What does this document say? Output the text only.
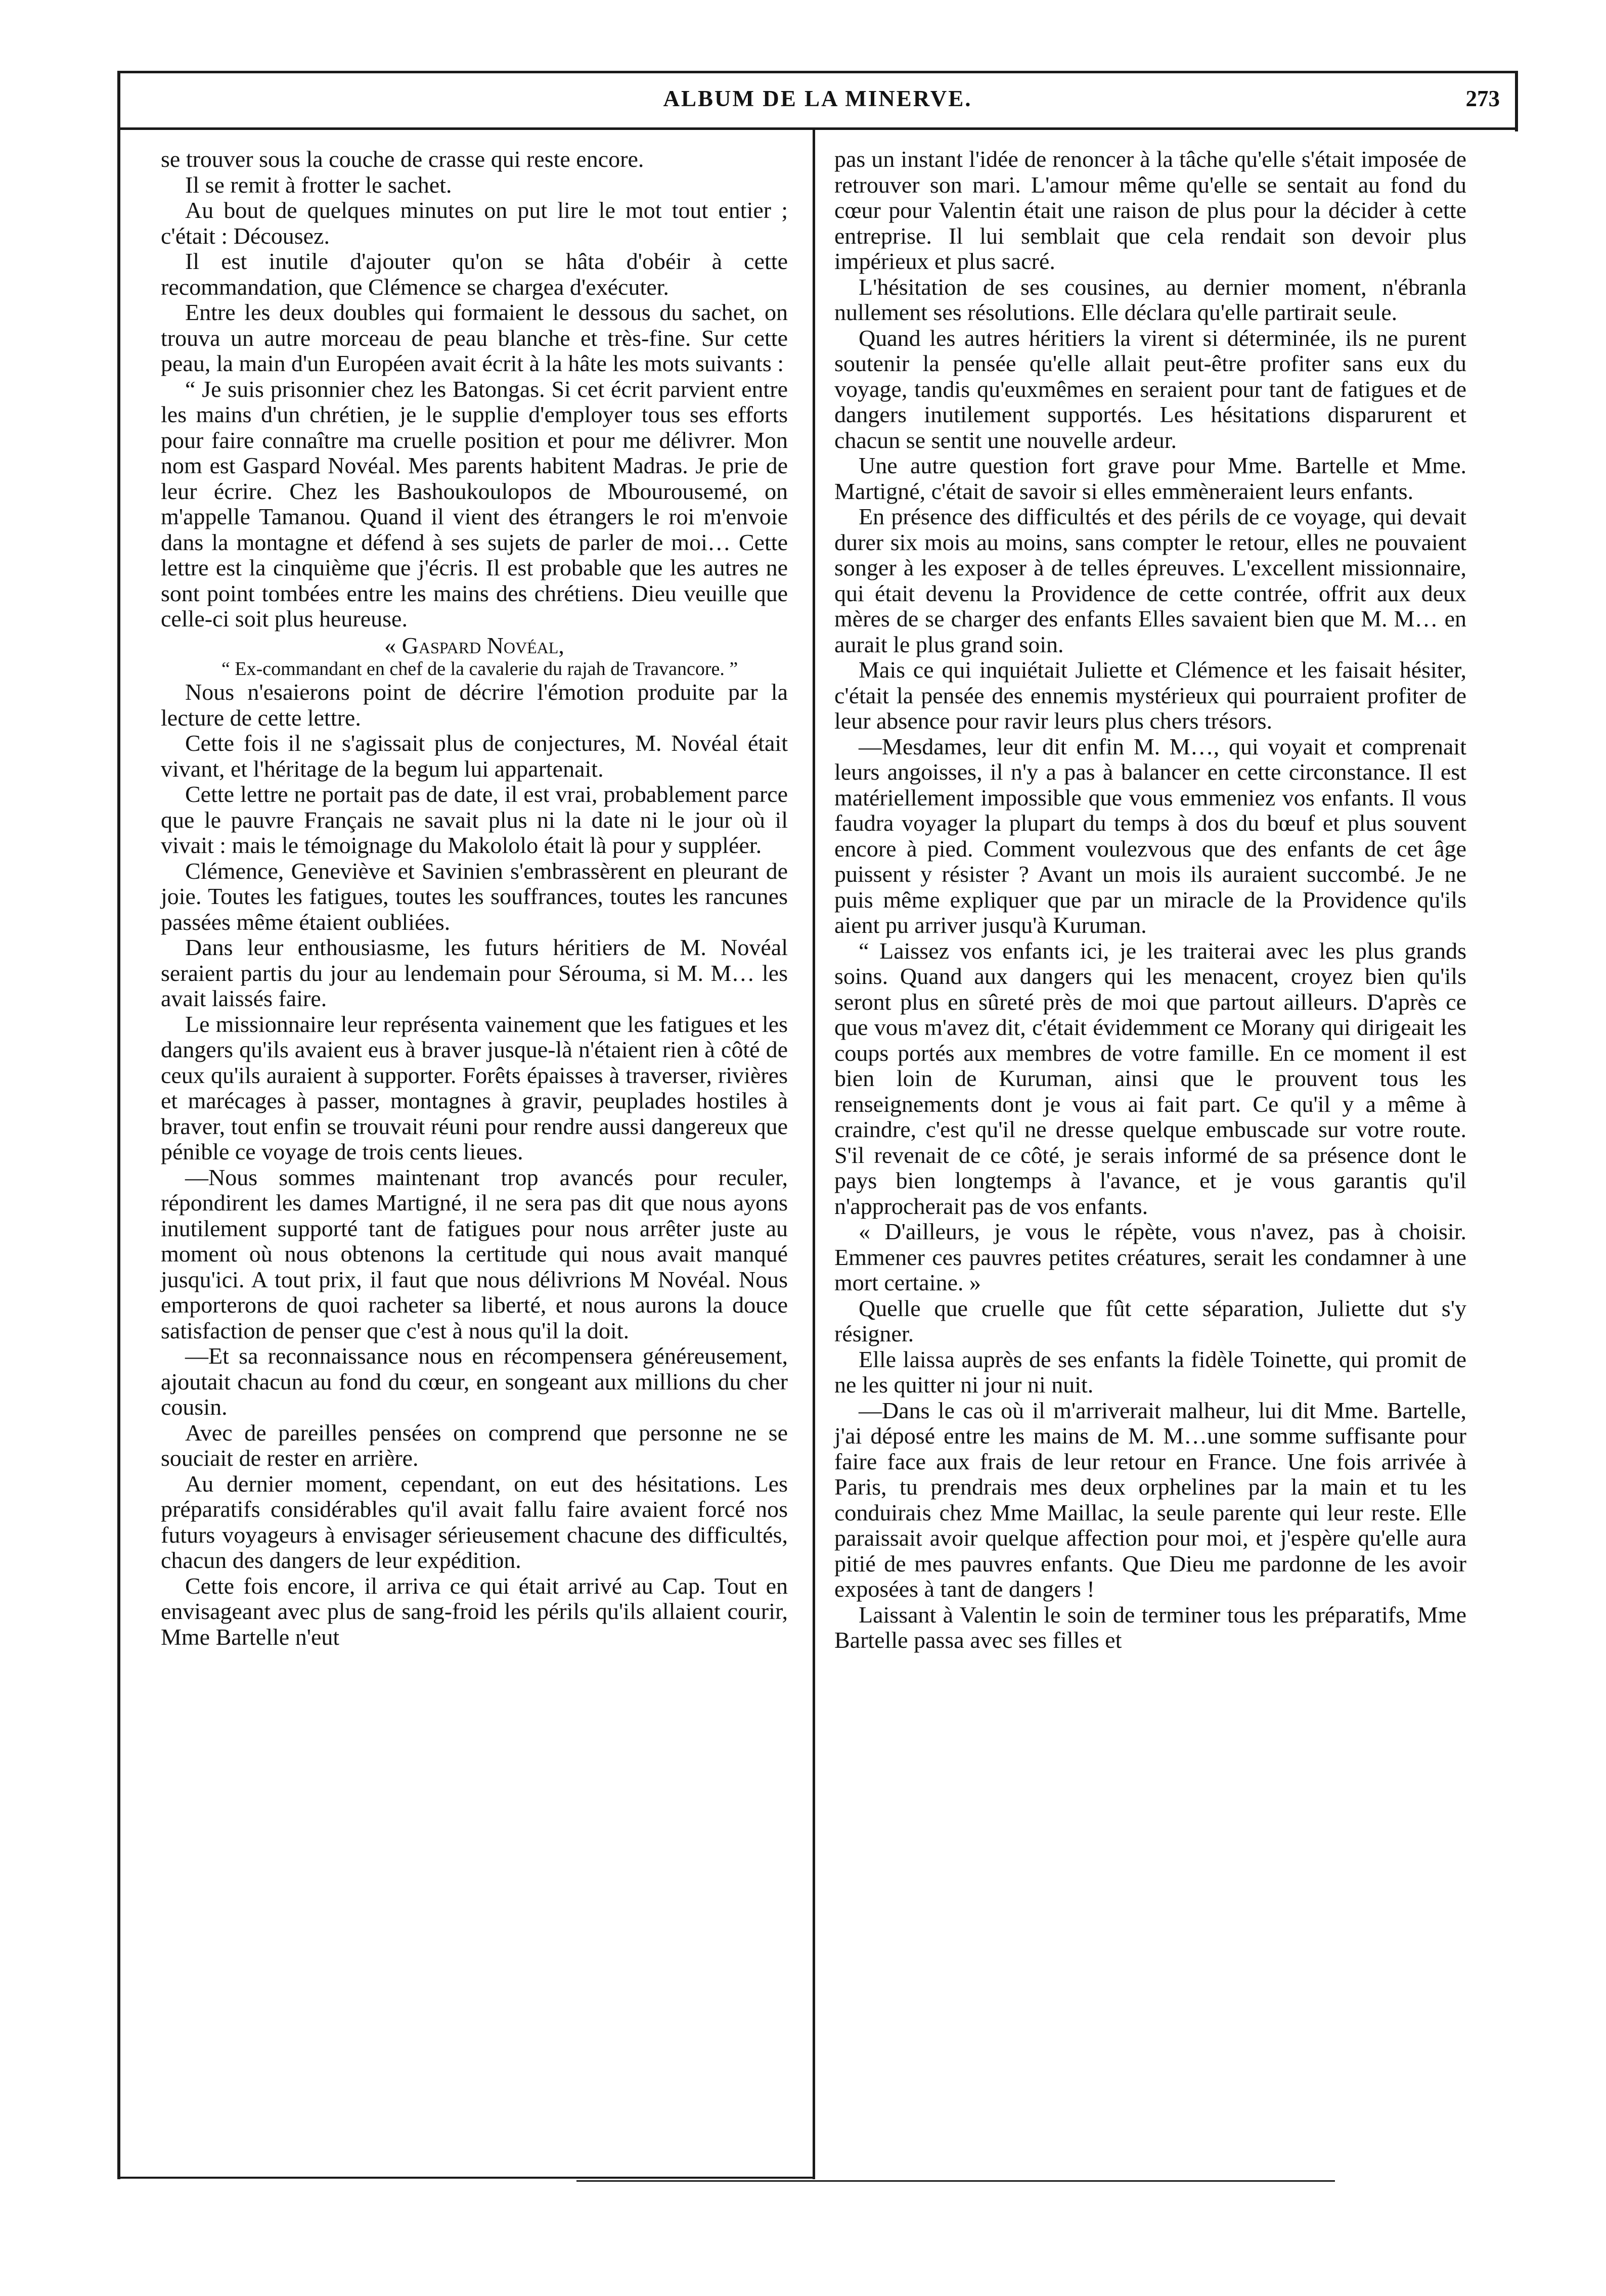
ALBUM DE LA MINERVE.	273

se trouver sous la couche de crasse qui reste encore.

Il se remit à frotter le sachet.

Au bout de quelques minutes on put lire le mot tout entier ; c'était : Décousez.

Il est inutile d'ajouter qu'on se hâta d'obéir à cette recommandation, que Clémence se chargea d'exécuter.

Entre les deux doubles qui formaient le dessous du sachet, on trouva un autre morceau de peau blanche et très-fine. Sur cette peau, la main d'un Européen avait écrit à la hâte les mots suivants :

“ Je suis prisonnier chez les Batongas. Si cet écrit parvient entre les mains d'un chrétien, je le supplie d'employer tous ses efforts pour faire connaître ma cruelle position et pour me délivrer. Mon nom est Gaspard Novéal. Mes parents habitent Madras. Je prie de leur écrire. Chez les Bashoukoulopos de Mbourousemé, on m'appelle Tamanou. Quand il vient des étrangers le roi m'envoie dans la montagne et défend à ses sujets de parler de moi… Cette lettre est la cinquième que j'écris. Il est probable que les autres ne sont point tombées entre les mains des chrétiens. Dieu veuille que celle-ci soit plus heureuse.

« Gaspard Novéal,

“ Ex-commandant en chef de la cavalerie du rajah de Travancore. ”

Nous n'esaierons point de décrire l'émotion produite par la lecture de cette lettre.

Cette fois il ne s'agissait plus de conjectures, M. Novéal était vivant, et l'héritage de la begum lui appartenait.

Cette lettre ne portait pas de date, il est vrai, probablement parce que le pauvre Français ne savait plus ni la date ni le jour où il vivait : mais le témoignage du Makololo était là pour y suppléer.

Clémence, Geneviève et Savinien s'embrassèrent en pleurant de joie. Toutes les fatigues, toutes les souffrances, toutes les rancunes passées même étaient oubliées.

Dans leur enthousiasme, les futurs héritiers de M. Novéal seraient partis du jour au lendemain pour Sérouma, si M. M… les avait laissés faire.

Le missionnaire leur représenta vainement que les fatigues et les dangers qu'ils avaient eus à braver jusque-là n'étaient rien à côté de ceux qu'ils auraient à supporter. Forêts épaisses à traverser, rivières et marécages à passer, montagnes à gravir, peuplades hostiles à braver, tout enfin se trouvait réuni pour rendre aussi dangereux que pénible ce voyage de trois cents lieues.

—Nous sommes maintenant trop avancés pour reculer, répondirent les dames Martigné, il ne sera pas dit que nous ayons inutilement supporté tant de fatigues pour nous arrêter juste au moment où nous obtenons la certitude qui nous avait manqué jusqu'ici. A tout prix, il faut que nous délivrions M Novéal. Nous emporterons de quoi racheter sa liberté, et nous aurons la douce satisfaction de penser que c'est à nous qu'il la doit.

—Et sa reconnaissance nous en récompensera généreusement, ajoutait chacun au fond du cœur, en songeant aux millions du cher cousin.

Avec de pareilles pensées on comprend que personne ne se souciait de rester en arrière.

Au dernier moment, cependant, on eut des hésitations. Les préparatifs considérables qu'il avait fallu faire avaient forcé nos futurs voyageurs à envisager sérieusement chacune des difficultés, chacun des dangers de leur expédition.

Cette fois encore, il arriva ce qui était arrivé au Cap. Tout en envisageant avec plus de sang-froid les périls qu'ils allaient courir, Mme Bartelle n'eut

pas un instant l'idée de renoncer à la tâche qu'elle s'était imposée de retrouver son mari. L'amour même qu'elle se sentait au fond du cœur pour Valentin était une raison de plus pour la décider à cette entreprise. Il lui semblait que cela rendait son devoir plus impérieux et plus sacré.

L'hésitation de ses cousines, au dernier moment, n'ébranla nullement ses résolutions. Elle déclara qu'elle partirait seule.

Quand les autres héritiers la virent si déterminée, ils ne purent soutenir la pensée qu'elle allait peut-être profiter sans eux du voyage, tandis qu'euxmêmes en seraient pour tant de fatigues et de dangers inutilement supportés. Les hésitations disparurent et chacun se sentit une nouvelle ardeur.

Une autre question fort grave pour Mme. Bartelle et Mme. Martigné, c'était de savoir si elles emmèneraient leurs enfants.

En présence des difficultés et des périls de ce voyage, qui devait durer six mois au moins, sans compter le retour, elles ne pouvaient songer à les exposer à de telles épreuves. L'excellent missionnaire, qui était devenu la Providence de cette contrée, offrit aux deux mères de se charger des enfants Elles savaient bien que M. M… en aurait le plus grand soin.

Mais ce qui inquiétait Juliette et Clémence et les faisait hésiter, c'était la pensée des ennemis mystérieux qui pourraient profiter de leur absence pour ravir leurs plus chers trésors.

—Mesdames, leur dit enfin M. M…, qui voyait et comprenait leurs angoisses, il n'y a pas à balancer en cette circonstance. Il est matériellement impossible que vous emmeniez vos enfants. Il vous faudra voyager la plupart du temps à dos du bœuf et plus souvent encore à pied. Comment voulezvous que des enfants de cet âge puissent y résister ? Avant un mois ils auraient succombé. Je ne puis même expliquer que par un miracle de la Providence qu'ils aient pu arriver jusqu'à Kuruman.

“ Laissez vos enfants ici, je les traiterai avec les plus grands soins. Quand aux dangers qui les menacent, croyez bien qu'ils seront plus en sûreté près de moi que partout ailleurs. D'après ce que vous m'avez dit, c'était évidemment ce Morany qui dirigeait les coups portés aux membres de votre famille. En ce moment il est bien loin de Kuruman, ainsi que le prouvent tous les renseignements dont je vous ai fait part. Ce qu'il y a même à craindre, c'est qu'il ne dresse quelque embuscade sur votre route. S'il revenait de ce côté, je serais informé de sa présence dont le pays bien longtemps à l'avance, et je vous garantis qu'il n'approcherait pas de vos enfants.

« D'ailleurs, je vous le répète, vous n'avez, pas à choisir. Emmener ces pauvres petites créatures, serait les condamner à une mort certaine. »

Quelle que cruelle que fût cette séparation, Juliette dut s'y résigner.

Elle laissa auprès de ses enfants la fidèle Toinette, qui promit de ne les quitter ni jour ni nuit.

—Dans le cas où il m'arriverait malheur, lui dit Mme. Bartelle, j'ai déposé entre les mains de M. M…une somme suffisante pour faire face aux frais de leur retour en France. Une fois arrivée à Paris, tu prendrais mes deux orphelines par la main et tu les conduirais chez Mme Maillac, la seule parente qui leur reste. Elle paraissait avoir quelque affection pour moi, et j'espère qu'elle aura pitié de mes pauvres enfants. Que Dieu me pardonne de les avoir exposées à tant de dangers !

Laissant à Valentin le soin de terminer tous les préparatifs, Mme Bartelle passa avec ses filles et
